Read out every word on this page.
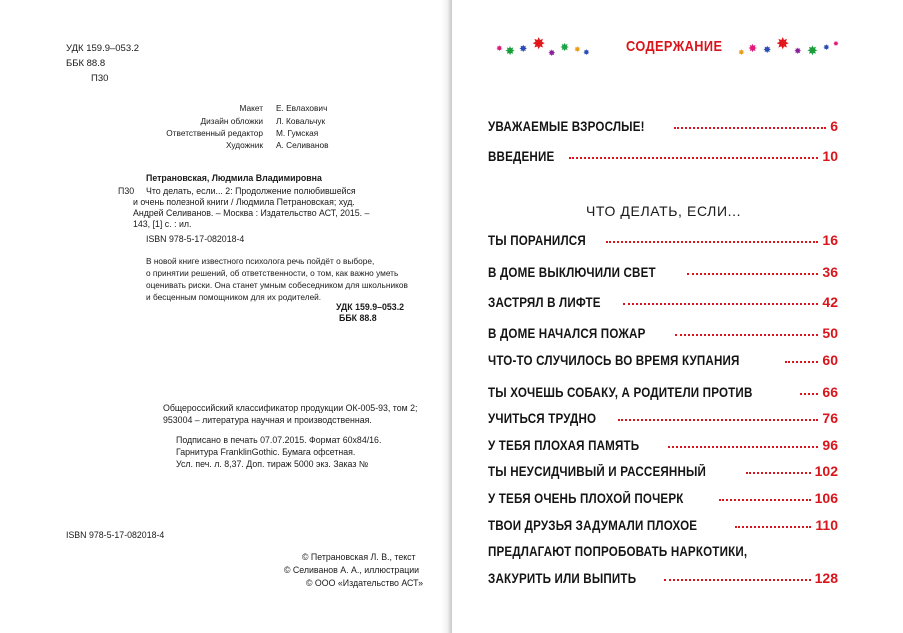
УДК 159.9–053.2
ББК 88.8
П30
Макет Е. Евлахович
Дизайн обложки Л. Ковальчук
Ответственный редактор М. Гумская
Художник А. Селиванов
Петрановская, Людмила Владимировна
П30 Что делать, если... 2: Продолжение полюбившейся
и очень полезной книги / Людмила Петрановская; худ.
Андрей Селиванов. – Москва : Издательство АСТ, 2015. –
143, [1] с. : ил.
ISBN 978-5-17-082018-4
В новой книге известного психолога речь пойдёт о выборе,
о принятии решений, об ответственности, о том, как важно уметь
оценивать риски. Она станет умным собеседником для школьников
и бесценным помощником для их родителей.
УДК 159.9–053.2
ББК 88.8
Общероссийский классификатор продукции ОК-005-93, том 2;
953004 – литература научная и производственная.
Подписано в печать 07.07.2015. Формат 60х84/16.
Гарнитура FranklinGothic. Бумага офсетная.
Усл. печ. л. 8,37. Доп. тираж 5000 экз. Заказ №
ISBN 978-5-17-082018-4
© Петрановская Л. В., текст
© Селиванов А. А., иллюстрации
© ООО «Издательство АСТ»
✸ ✸ ✸ ✸ ✸ ✸ ✸ ✸ СОДЕРЖАНИЕ ✸ ✸ ✸ ✸ ✸ ✸ ✸ ✸
УВАЖАЕМЫЕ ВЗРОСЛЫЕ!	6
ВВЕДЕНИЕ	10
ЧТО ДЕЛАТЬ, ЕСЛИ...
ТЫ ПОРАНИЛСЯ	16
В ДОМЕ ВЫКЛЮЧИЛИ СВЕТ	36
ЗАСТРЯЛ В ЛИФТЕ	42
В ДОМЕ НАЧАЛСЯ ПОЖАР	50
ЧТО-ТО СЛУЧИЛОСЬ ВО ВРЕМЯ КУПАНИЯ	60
ТЫ ХОЧЕШЬ СОБАКУ, А РОДИТЕЛИ ПРОТИВ	66
УЧИТЬСЯ ТРУДНО	76
У ТЕБЯ ПЛОХАЯ ПАМЯТЬ	96
ТЫ НЕУСИДЧИВЫЙ И РАССЕЯННЫЙ	102
У ТЕБЯ ОЧЕНЬ ПЛОХОЙ ПОЧЕРК	106
ТВОИ ДРУЗЬЯ ЗАДУМАЛИ ПЛОХОЕ	110
ПРЕДЛАГАЮТ ПОПРОБОВАТЬ НАРКОТИКИ,
ЗАКУРИТЬ ИЛИ ВЫПИТЬ	128
